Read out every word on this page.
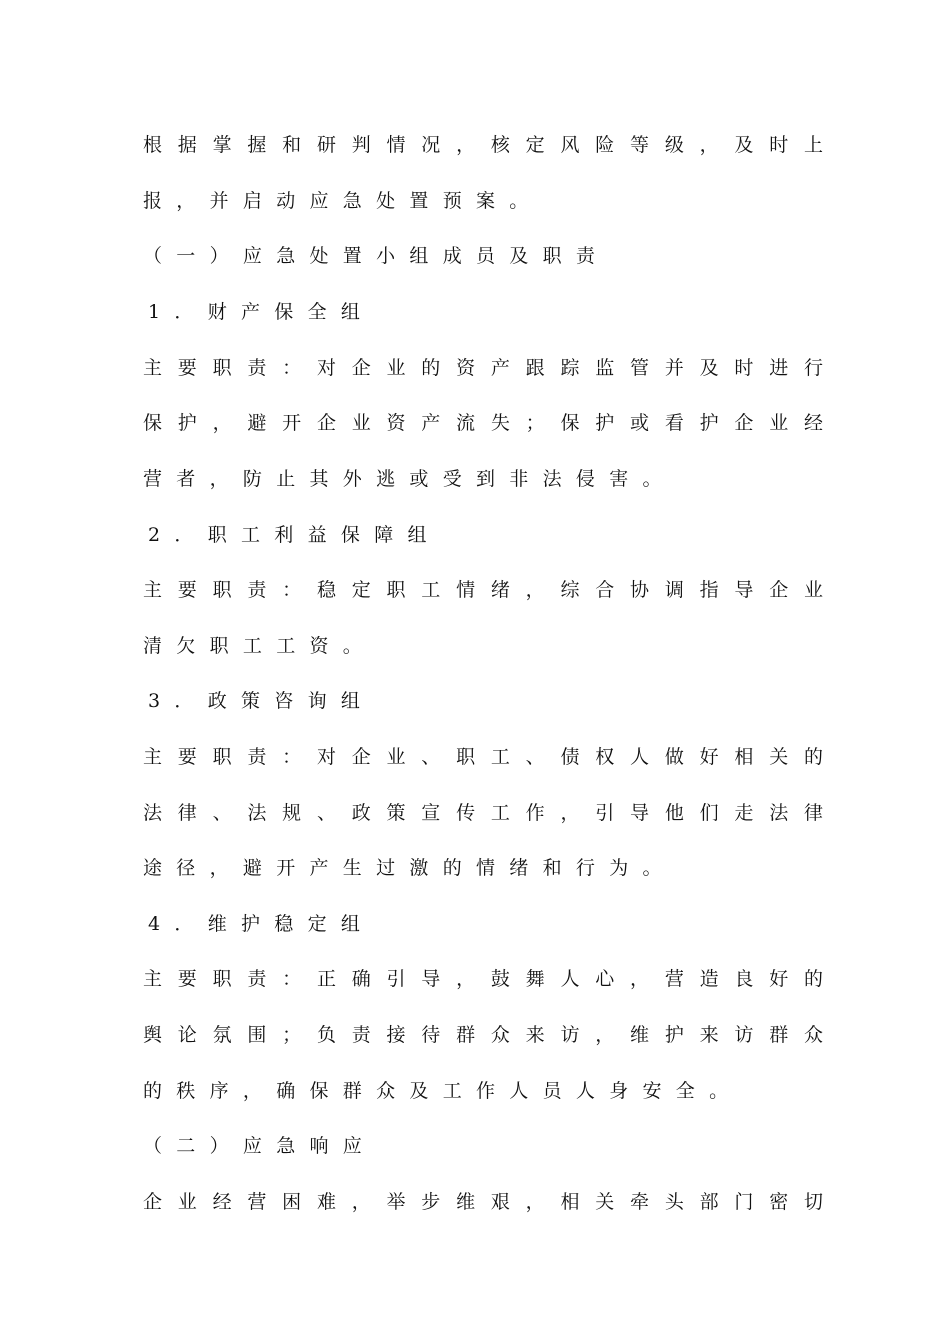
根据掌握和研判情况，核定风险等级，及时上
报，并启动应急处置预案。
（一）应急处置小组成员及职责
1．财产保全组
主要职责：对企业的资产跟踪监管并及时进行
保护，避开企业资产流失；保护或看护企业经
营者，防止其外逃或受到非法侵害。
2．职工利益保障组
主要职责：稳定职工情绪，综合协调指导企业
清欠职工工资。
3．政策咨询组
主要职责：对企业、职工、债权人做好相关的
法律、法规、政策宣传工作，引导他们走法律
途径，避开产生过激的情绪和行为。
4．维护稳定组
主要职责：正确引导，鼓舞人心，营造良好的
舆论氛围；负责接待群众来访，维护来访群众
的秩序，确保群众及工作人员人身安全。
（二）应急响应
企业经营困难，举步维艰，相关牵头部门密切
